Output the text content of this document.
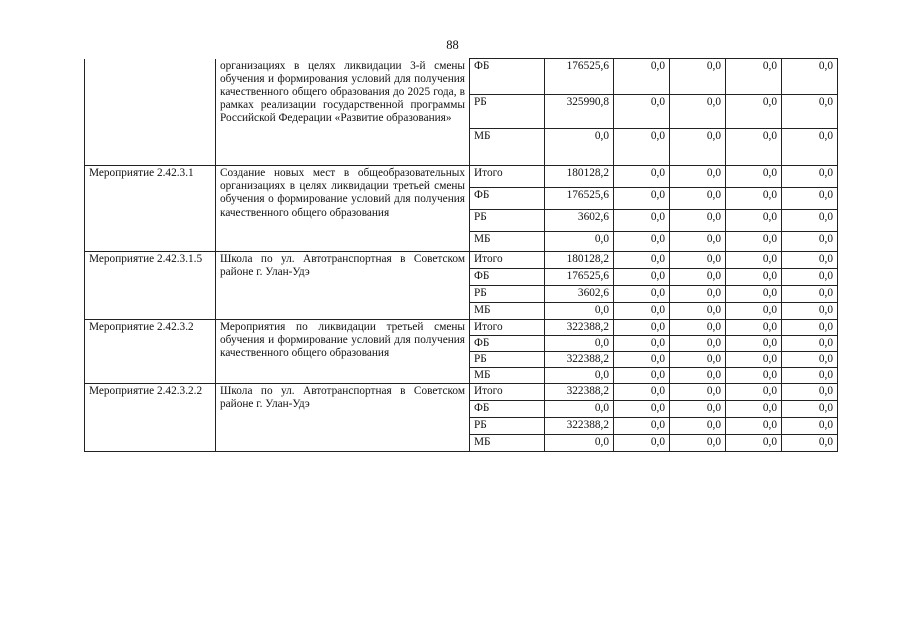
88
	организациях в целях ликвидации 3-й смены обучения и формирования условий для получения качественного общего образования до 2025 года, в рамках реализации государственной программы Российской Федерации «Развитие образования»	ФБ	176525,6	0,0	0,0	0,0	0,0
		РБ	325990,8	0,0	0,0	0,0	0,0
		МБ	0,0	0,0	0,0	0,0	0,0
Мероприятие 2.42.3.1	Создание новых мест в общеобразовательных организациях в целях ликвидации третьей смены обучения о формирование условий для получения качественного общего образования	Итого	180128,2	0,0	0,0	0,0	0,0
		ФБ	176525,6	0,0	0,0	0,0	0,0
		РБ	3602,6	0,0	0,0	0,0	0,0
		МБ	0,0	0,0	0,0	0,0	0,0
Мероприятие 2.42.3.1.5	Школа по ул. Автотранспортная в Советском районе г. Улан-Удэ	Итого	180128,2	0,0	0,0	0,0	0,0
		ФБ	176525,6	0,0	0,0	0,0	0,0
		РБ	3602,6	0,0	0,0	0,0	0,0
		МБ	0,0	0,0	0,0	0,0	0,0
Мероприятие 2.42.3.2	Мероприятия по ликвидации третьей смены обучения и формирование условий для получения качественного общего образования	Итого	322388,2	0,0	0,0	0,0	0,0
		ФБ	0,0	0,0	0,0	0,0	0,0
		РБ	322388,2	0,0	0,0	0,0	0,0
		МБ	0,0	0,0	0,0	0,0	0,0
Мероприятие 2.42.3.2.2	Школа по ул. Автотранспортная в Советском районе г. Улан-Удэ	Итого	322388,2	0,0	0,0	0,0	0,0
		ФБ	0,0	0,0	0,0	0,0	0,0
		РБ	322388,2	0,0	0,0	0,0	0,0
		МБ	0,0	0,0	0,0	0,0	0,0
